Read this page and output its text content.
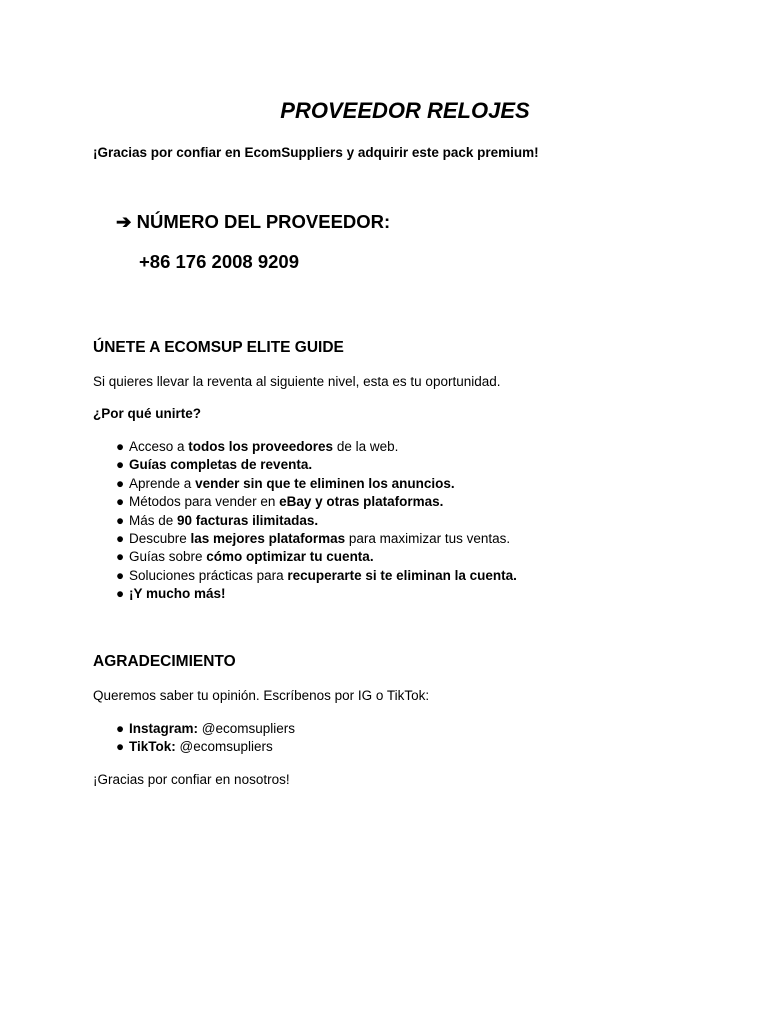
PROVEEDOR RELOJES
¡Gracias por confiar en EcomSuppliers y adquirir este pack premium!
➔ NÚMERO DEL PROVEEDOR:
+86 176 2008 9209
ÚNETE A ECOMSUP ELITE GUIDE
Si quieres llevar la reventa al siguiente nivel, esta es tu oportunidad.
¿Por qué unirte?
● Acceso a todos los proveedores de la web.
● Guías completas de reventa.
● Aprende a vender sin que te eliminen los anuncios.
● Métodos para vender en eBay y otras plataformas.
● Más de 90 facturas ilimitadas.
● Descubre las mejores plataformas para maximizar tus ventas.
● Guías sobre cómo optimizar tu cuenta.
● Soluciones prácticas para recuperarte si te eliminan la cuenta.
● ¡Y mucho más!
AGRADECIMIENTO
Queremos saber tu opinión. Escríbenos por IG o TikTok:
● Instagram: @ecomsupliers
● TikTok: @ecomsupliers
¡Gracias por confiar en nosotros!
